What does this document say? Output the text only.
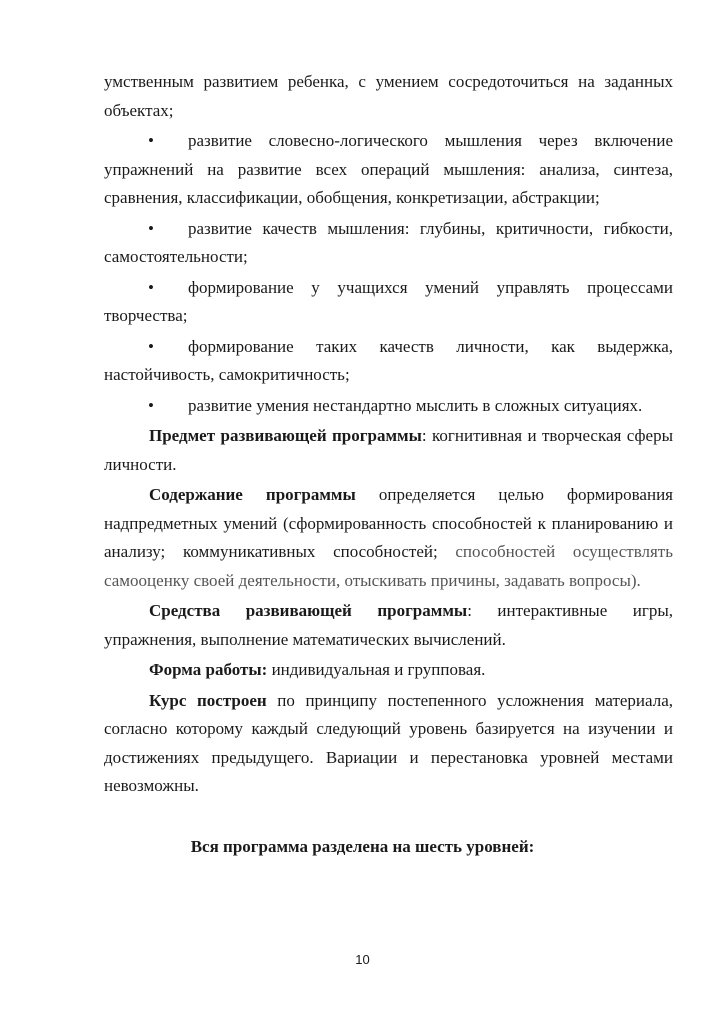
умственным развитием ребенка, с умением сосредоточиться на заданных объектах;

• развитие словесно-логического мышления через включение упражнений на развитие всех операций мышления: анализа, синтеза, сравнения, классификации, обобщения, конкретизации, абстракции;

• развитие качеств мышления: глубины, критичности, гибкости, самостоятельности;

• формирование у учащихся умений управлять процессами творчества;

• формирование таких качеств личности, как выдержка, настойчивость, самокритичность;

• развитие умения нестандартно мыслить в сложных ситуациях.

Предмет развивающей программы: когнитивная и творческая сферы личности.

Содержание программы определяется целью формирования надпредметных умений (сформированность способностей к планированию и анализу; коммуникативных способностей; способностей осуществлять самооценку своей деятельности, отыскивать причины, задавать вопросы).

Средства развивающей программы: интерактивные игры, упражнения, выполнение математических вычислений.

Форма работы: индивидуальная и групповая.

Курс построен по принципу постепенного усложнения материала, согласно которому каждый следующий уровень базируется на изучении и достижениях предыдущего. Вариации и перестановка уровней местами невозможны.

Вся программа разделена на шесть уровней:
10
